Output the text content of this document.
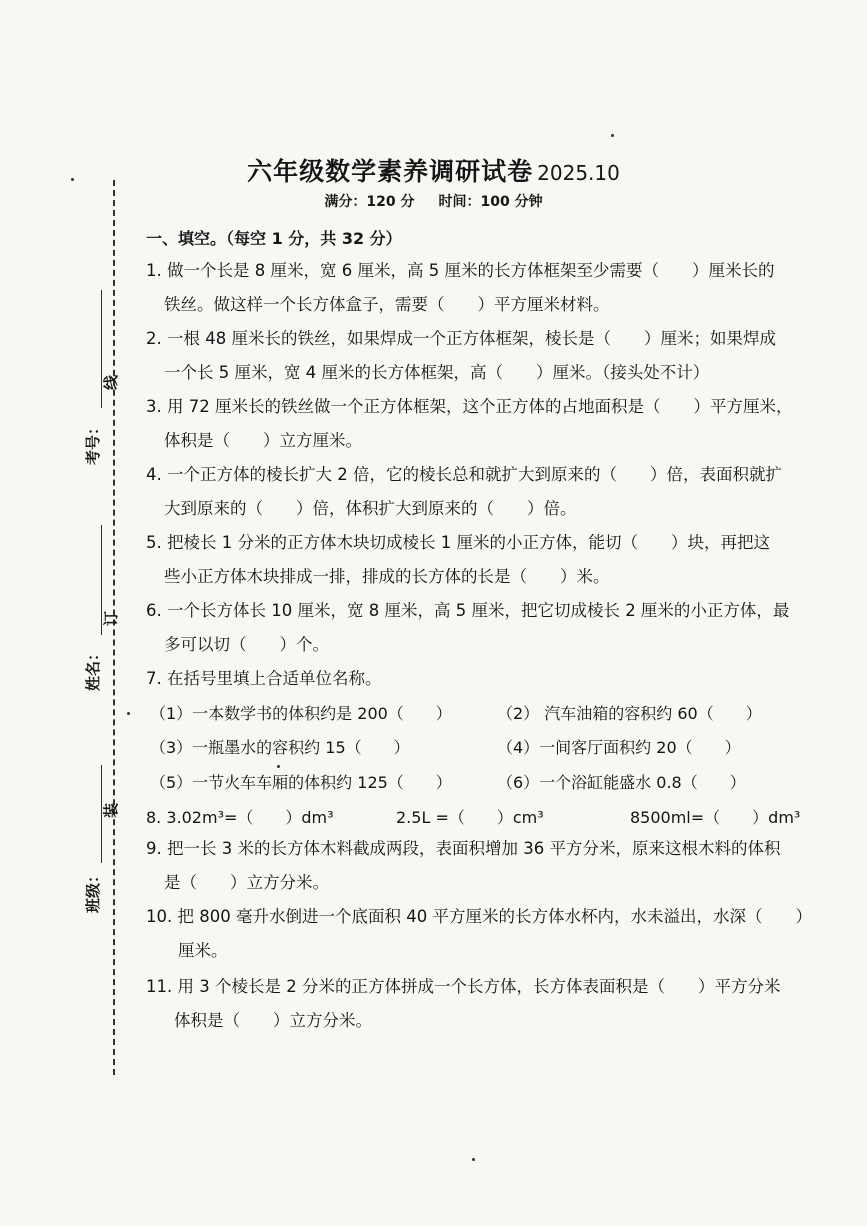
考号：
线
姓名：
订
班级：
装
六年级数学素养调研试卷 2025.10
满分：120 分 时间：100 分钟
一、填空。（每空 1 分，共 32 分）
1. 做一个长是 8 厘米，宽 6 厘米，高 5 厘米的长方体框架至少需要（　　）厘米长的
铁丝。做这样一个长方体盒子，需要（　　）平方厘米材料。
2. 一根 48 厘米长的铁丝，如果焊成一个正方体框架，棱长是（　　）厘米；如果焊成
一个长 5 厘米，宽 4 厘米的长方体框架，高（　　）厘米。（接头处不计）
3. 用 72 厘米长的铁丝做一个正方体框架，这个正方体的占地面积是（　　）平方厘米，
体积是（　　）立方厘米。
4. 一个正方体的棱长扩大 2 倍，它的棱长总和就扩大到原来的（　　）倍，表面积就扩
大到原来的（　　）倍，体积扩大到原来的（　　）倍。
5. 把棱长 1 分米的正方体木块切成棱长 1 厘米的小正方体，能切（　　）块，再把这
些小正方体木块排成一排，排成的长方体的长是（　　）米。
6. 一个长方体长 10 厘米，宽 8 厘米，高 5 厘米，把它切成棱长 2 厘米的小正方体，最
多可以切（　　）个。
7. 在括号里填上合适单位名称。
（1）一本数学书的体积约是 200（　　）	（2） 汽车油箱的容积约 60（　　）
（3）一瓶墨水的容积约 15（　　）	（4）一间客厅面积约 20（　　）
（5）一节火车车厢的体积约 125（　　）	（6）一个浴缸能盛水 0.8（　　）
8. 3.02m³=（　　）dm³	2.5L =（　　）cm³	8500ml=（　　）dm³
9. 把一长 3 米的长方体木料截成两段，表面积增加 36 平方分米，原来这根木料的体积
是（　　）立方分米。
10. 把 800 毫升水倒进一个底面积 40 平方厘米的长方体水杯内，水未溢出，水深（　　）
厘米。
11. 用 3 个棱长是 2 分米的正方体拼成一个长方体，长方体表面积是（　　）平方分米
体积是（　　）立方分米。
